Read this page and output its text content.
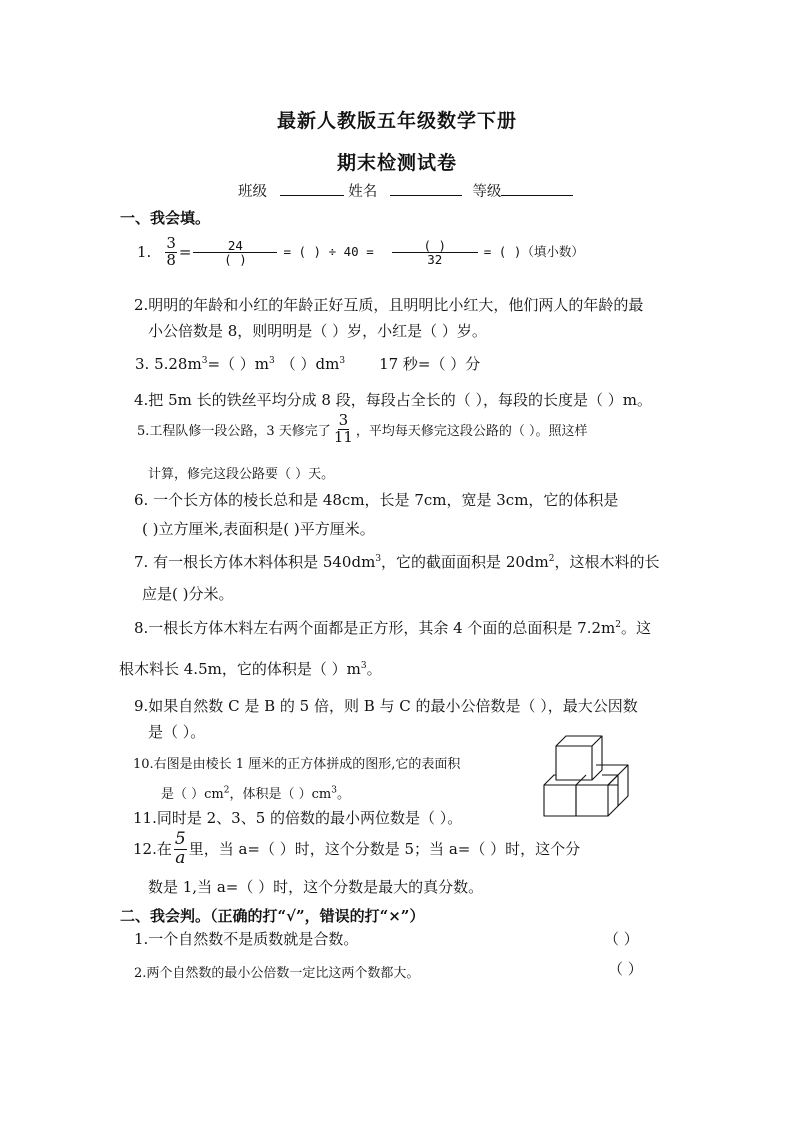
最新人教版五年级数学下册
期末检测试卷
班级	姓名	等级
一、我会填。
1. $\frac{3}{8} = \frac{24}{( )}$ = ( ) ÷ $40 = \frac{( )}{32}$ = ( )（填小数）
2.明明的年龄和小红的年龄正好互质，且明明比小红大，他们两人的年龄的最
小公倍数是 8，则明明是（ ）岁，小红是（ ）岁。
3. $5.28m^3=$（ ）$m^3$ （ ）$dm^3$ 17 秒=（ ）分
4.把 5m 长的铁丝平均分成 8 段，每段占全长的（ ），每段的长度是（ ）m。
5.工程队修一段公路，3 天修完了 $\frac{3}{11}$ ，平均每天修完这段公路的（ ）。照这样
计算，修完这段公路要（ ）天。
6. 一个长方体的棱长总和是 48cm，长是 7cm，宽是 3cm，它的体积是
( )立方厘米,表面积是( )平方厘米。
7. 有一根长方体木料体积是 $540dm^3$，它的截面面积是 $20dm^2$，这根木料的长
应是( )分米。
8.一根长方体木料左右两个面都是正方形，其余 4 个面的总面积是 $7.2m^2$。这
根木料长 4.5m，它的体积是（ ）$m^3$。
9.如果自然数 C 是 B 的 5 倍，则 B 与 C 的最小公倍数是（ ），最大公因数
是（ ）。
10.右图是由棱长 1 厘米的正方体拼成的图形,它的表面积
是（ ）$cm^2$，体积是（ ）$cm^3$。
11.同时是 2、3、5 的倍数的最小两位数是（ ）。
12.在 $\frac{5}{a}$ 里，当 a=（ ）时，这个分数是 5；当 a=（ ）时，这个分
数是 1,当 a=（ ）时，这个分数是最大的真分数。
二、我会判。（正确的打“√”，错误的打“×”）
1.一个自然数不是质数就是合数。	（ ）
2.两个自然数的最小公倍数一定比这两个数都大。	（ ）
